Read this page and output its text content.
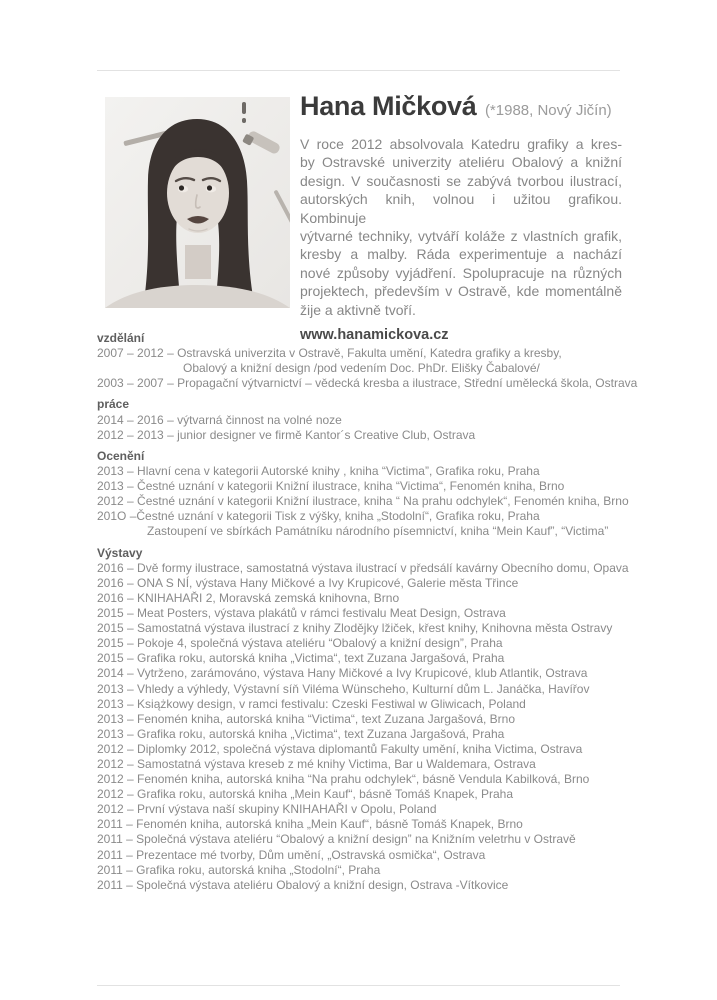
Hana Mičková (*1988, Nový Jičín)
V roce 2012 absolvovala Katedru grafiky a kres-
by Ostravské univerzity ateliéru Obalový a knižní
design. V současnosti se zabývá tvorbou ilustrací,
autorských knih, volnou i užitou grafikou. Kombinuje
výtvarné techniky, vytváří koláže z vlastních grafik,
kresby a malby. Ráda experimentuje a nachází
nové způsoby vyjádření. Spolupracuje na různých
projektech, především v Ostravě, kde momentálně
žije a aktivně tvoří.
www.hanamickova.cz
vzdělání
2007 – 2012 – Ostravská univerzita v Ostravě, Fakulta umění, Katedra grafiky a kresby,
Obalový a knižní design /pod vedením Doc. PhDr. Elišky Čabalové/
2003 – 2007 – Propagační výtvarnictví – vědecká kresba a ilustrace, Střední umělecká škola, Ostrava
práce
2014 – 2016 – výtvarná činnost na volné noze
2012 – 2013 – junior designer ve firmě Kantor´s Creative Club, Ostrava
Ocenění
2013 – Hlavní cena v kategorii Autorské knihy , kniha “Victima”, Grafika roku, Praha
2013 – Čestné uznání v kategorii Knižní ilustrace, kniha “Victima“, Fenomén kniha, Brno
2012 – Čestné uznání v kategorii Knižní ilustrace, kniha “ Na prahu odchylek“, Fenomén kniha, Brno
201O –Čestné uznání v kategorii Tisk z výšky, kniha „Stodolní“, Grafika roku, Praha
Zastoupení ve sbírkách Památníku národního písemnictví, kniha “Mein Kauf”, “Victima”
Výstavy
2016 – Dvě formy ilustrace, samostatná výstava ilustrací v předsálí kavárny Obecního domu, Opava
2016 – ONA S NÍ, výstava Hany Mičkové a Ivy Krupicové, Galerie města Třince
2016 – KNIHAHAŘI 2, Moravská zemská knihovna, Brno
2015 – Meat Posters, výstava plakátů v rámci festivalu Meat Design, Ostrava
2015 – Samostatná výstava ilustrací z knihy Zlodějky lžiček, křest knihy, Knihovna města Ostravy
2015 – Pokoje 4, společná výstava ateliéru “Obalový a knižní design”, Praha
2015 – Grafika roku, autorská kniha „Victima“, text Zuzana Jargašová, Praha
2014 – Vytrženo, zarámováno, výstava Hany Mičkové a Ivy Krupicové, klub Atlantik, Ostrava
2013 – Vhledy a výhledy, Výstavní síň Viléma Wünscheho, Kulturní dům L. Janáčka, Havířov
2013 – Książkowy design, v ramci festivalu: Czeski Festiwal w Gliwicach, Poland
2013 – Fenomén kniha, autorská kniha “Victima“, text Zuzana Jargašová, Brno
2013 – Grafika roku, autorská kniha „Victima“, text Zuzana Jargašová, Praha
2012 – Diplomky 2012, společná výstava diplomantů Fakulty umění, kniha Victima, Ostrava
2012 – Samostatná výstava kreseb z mé knihy Victima, Bar u Waldemara, Ostrava
2012 – Fenomén kniha, autorská kniha “Na prahu odchylek“, básně Vendula Kabilková, Brno
2012 – Grafika roku, autorská kniha „Mein Kauf“, básně Tomáš Knapek, Praha
2012 – První výstava naší skupiny KNIHAHAŘI v Opolu, Poland
2011 – Fenomén kniha, autorská kniha „Mein Kauf“, básně Tomáš Knapek, Brno
2011 – Společná výstava ateliéru “Obalový a knižní design” na Knižním veletrhu v Ostravě
2011 – Prezentace mé tvorby, Dům umění, „Ostravská osmička“, Ostrava
2011 – Grafika roku, autorská kniha „Stodolní“, Praha
2011 – Společná výstava ateliéru Obalový a knižní design, Ostrava -Vítkovice
